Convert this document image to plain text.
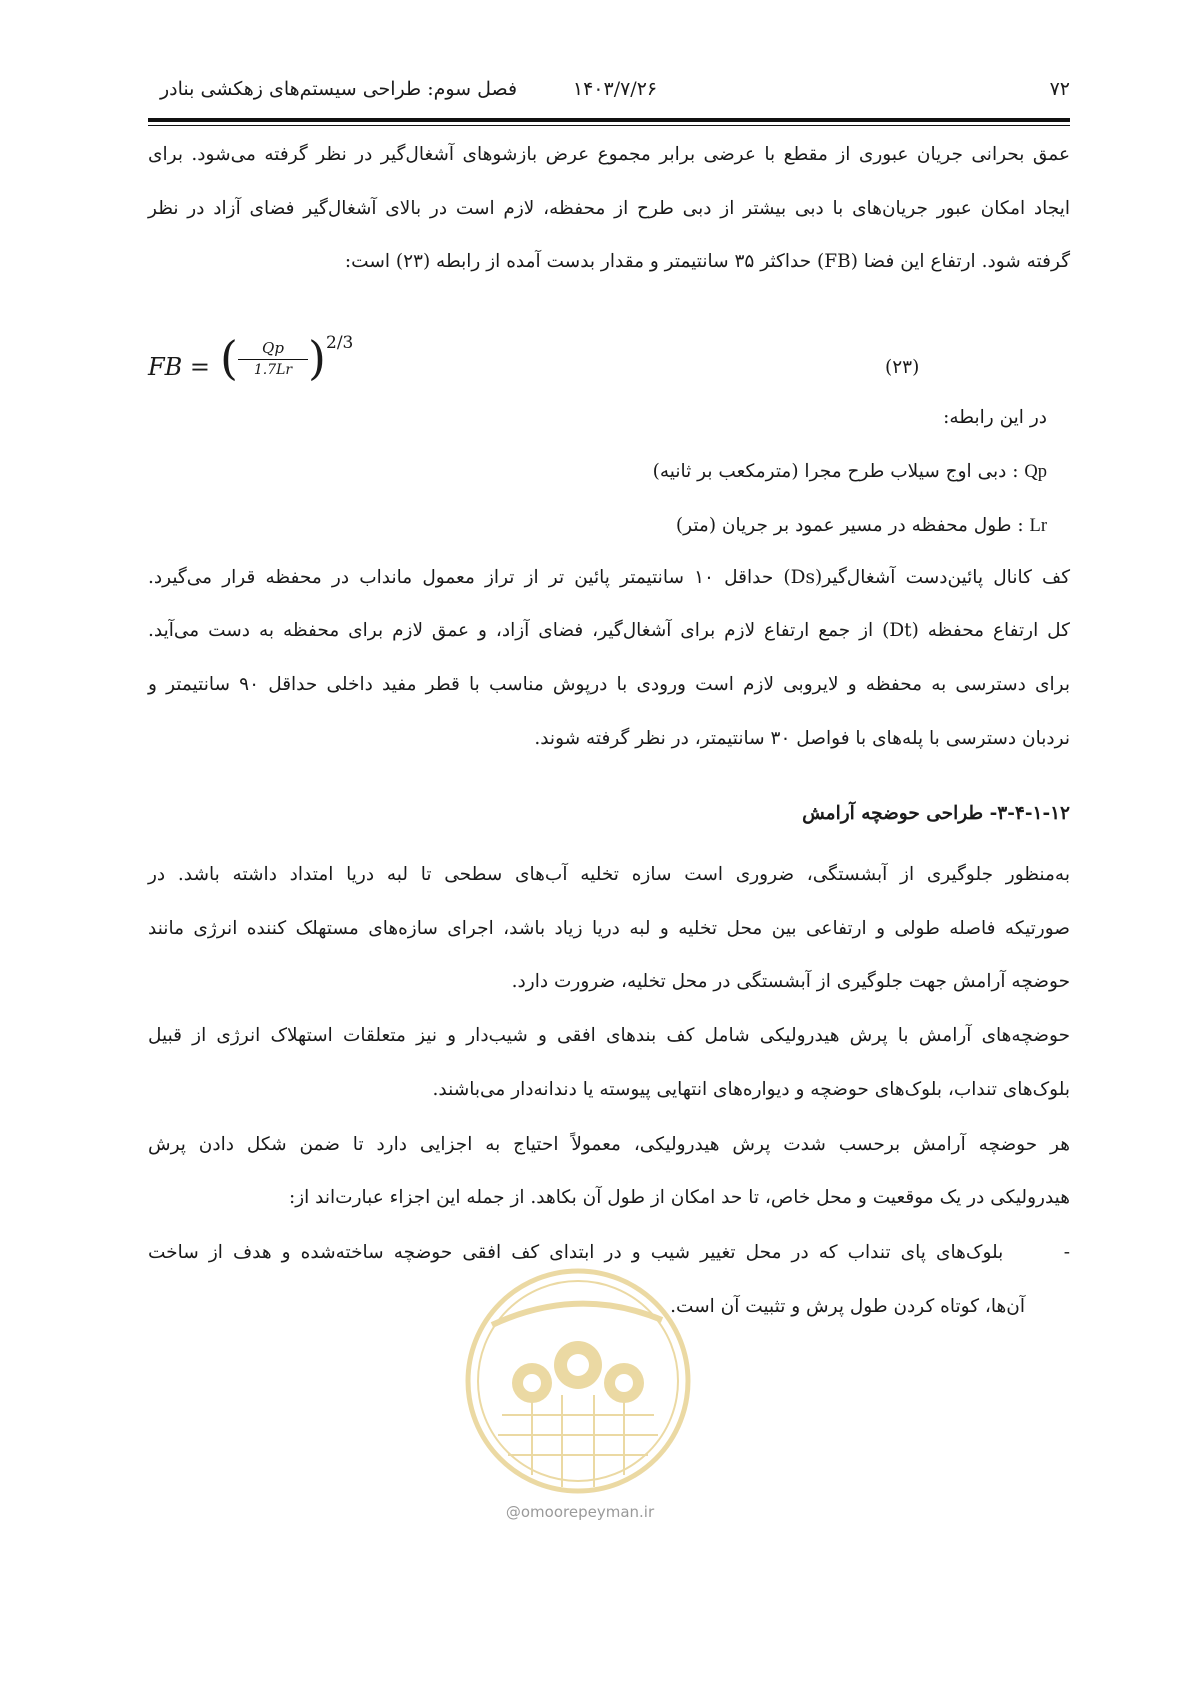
۷۲
۱۴۰۳/۷/۲۶
فصل سوم: طراحی سیستم‌های زهکشی بنادر
عمق بحرانی جریان عبوری از مقطع با عرضی برابر مجموع عرض بازشوهای آشغال‌گیر در نظر گرفته می‌شود. برای
ایجاد امکان عبور جریان‌های با دبی بیشتر از دبی طرح از محفظه، لازم است در بالای آشغال‌گیر فضای آزاد در نظر
گرفته شود. ارتفاع این فضا (FB) حداکثر ۳۵ سانتیمتر و مقدار بدست آمده از رابطه (۲۳) است:
FB = ( $\frac{Qp}{1.7Lr}$ ) 2/3
(۲۳)
در این رابطه:
Qp : دبی اوج سیلاب طرح مجرا (مترمکعب بر ثانیه)
Lr : طول محفظه در مسیر عمود بر جریان (متر)
کف کانال پائین‌دست آشغال‌گیر(Ds) حداقل ۱۰ سانتیمتر پائین تر از تراز معمول مانداب در محفظه قرار می‌گیرد.
کل ارتفاع محفظه (Dt) از جمع ارتفاع لازم برای آشغال‌گیر، فضای آزاد، و عمق لازم برای محفظه به دست می‌آید.
برای دسترسی به محفظه و لایروبی لازم است ورودی با درپوش مناسب با قطر مفید داخلی حداقل ۹۰ سانتیمتر و
نردبان دسترسی با پله‌های با فواصل ۳۰ سانتیمتر، در نظر گرفته شوند.
۳-۴-۱-۱۲- طراحی حوضچه آرامش
به‌منظور جلوگیری از آبشستگی، ضروری است سازه تخلیه آب‌های سطحی تا لبه دریا امتداد داشته باشد. در
صورتیکه فاصله طولی و ارتفاعی بین محل تخلیه و لبه دریا زیاد باشد، اجرای سازه‌های مستهلک کننده انرژی مانند
حوضچه آرامش جهت جلوگیری از آبشستگی در محل تخلیه، ضرورت دارد.
حوضچه‌های آرامش با پرش هیدرولیکی شامل کف بندهای افقی و شیب‌دار و نیز متعلقات استهلاک انرژی از قبیل
بلوک‌های تنداب، بلوک‌های حوضچه و دیواره‌های انتهایی پیوسته یا دندانه‌دار می‌باشند.
هر حوضچه آرامش برحسب شدت پرش هیدرولیکی، معمولاً احتیاج به اجزایی دارد تا ضمن شکل دادن پرش
هیدرولیکی در یک موقعیت و محل خاص، تا حد امکان از طول آن بکاهد. از جمله این اجزاء عبارت‌اند از:
-      بلوک‌های پای تنداب که در محل تغییر شیب و در ابتدای کف افقی حوضچه ساخته‌شده و هدف از ساخت
آن‌ها، کوتاه کردن طول پرش و تثبیت آن است.
@omoorepeyman.ir
